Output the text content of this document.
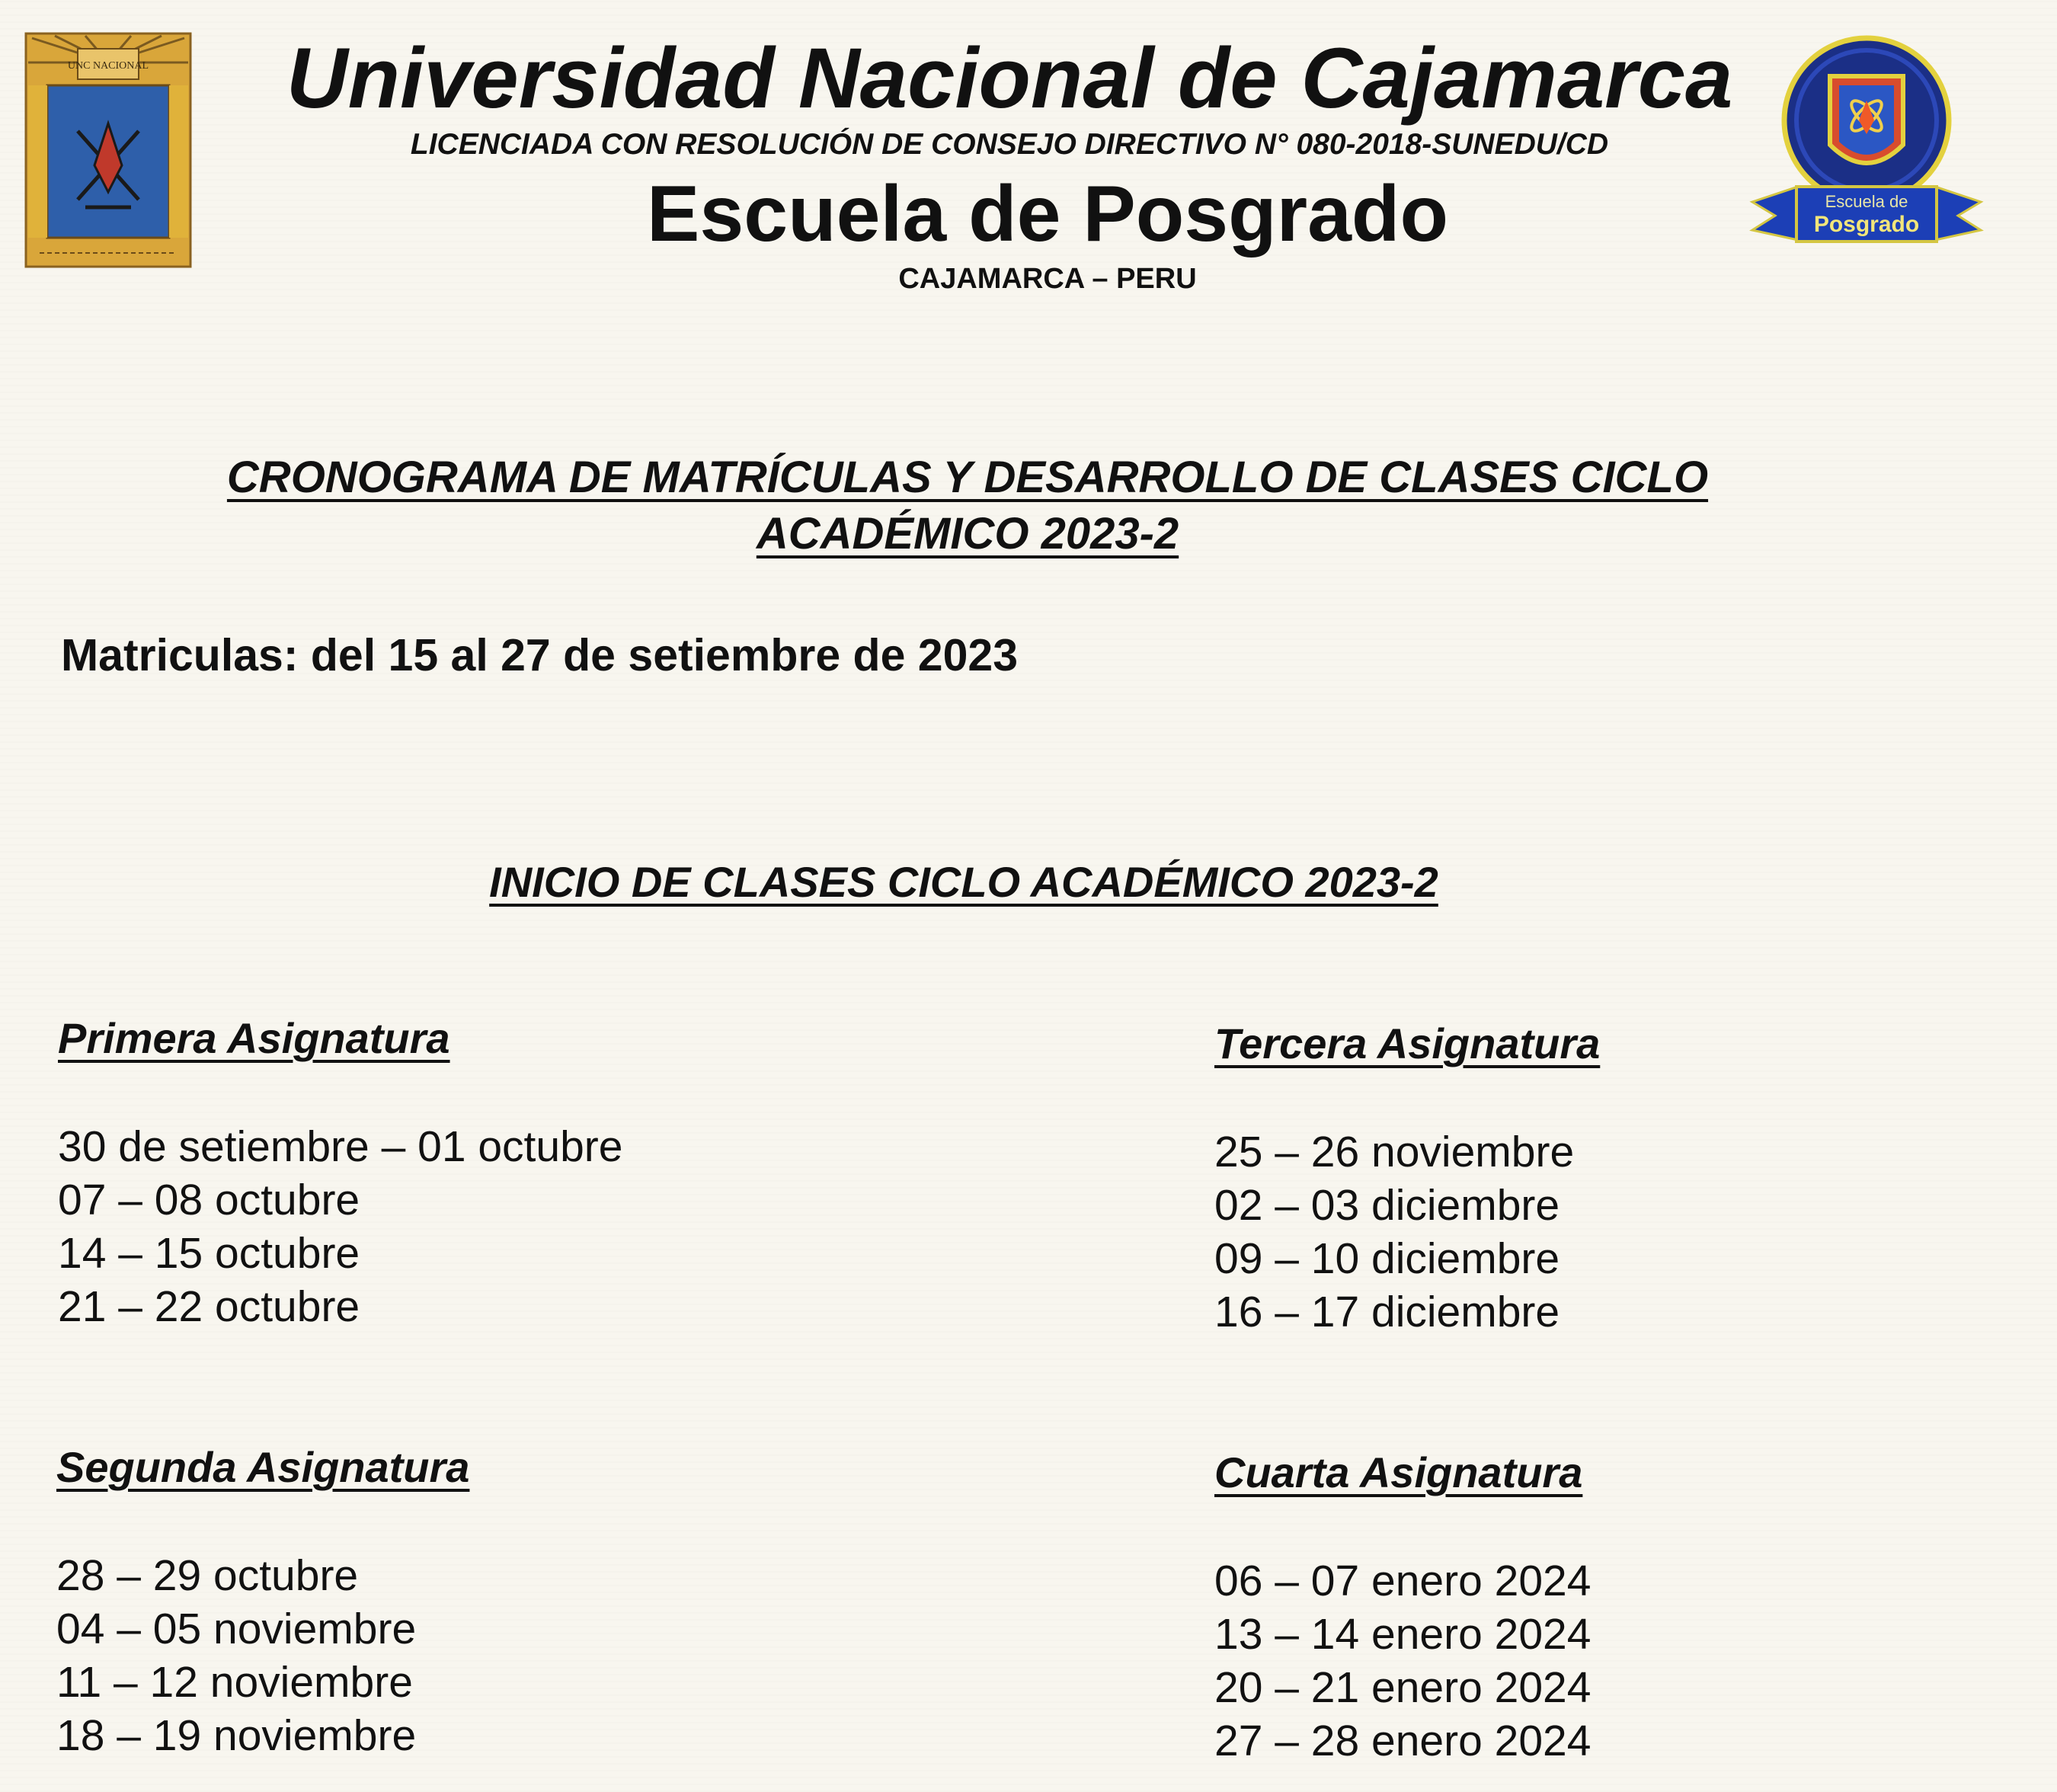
UNC NACIONAL
Escuela de
Posgrado
Universidad Nacional de Cajamarca
LICENCIADA CON RESOLUCIÓN DE CONSEJO DIRECTIVO N° 080-2018-SUNEDU/CD
Escuela de Posgrado
CAJAMARCA – PERU
CRONOGRAMA DE MATRÍCULAS Y DESARROLLO DE CLASES CICLO
ACADÉMICO 2023-2
Matriculas: del 15 al 27 de setiembre de 2023
INICIO DE CLASES CICLO ACADÉMICO 2023-2
Primera Asignatura
30 de setiembre – 01 octubre
07 – 08 octubre
14 – 15 octubre
21 – 22 octubre
Tercera Asignatura
25 – 26 noviembre
02 – 03 diciembre
09 – 10 diciembre
16 – 17 diciembre
Segunda Asignatura
28 – 29 octubre
04 – 05 noviembre
11 – 12 noviembre
18 – 19 noviembre
Cuarta Asignatura
06 – 07 enero 2024
13 – 14 enero 2024
20 – 21 enero 2024
27 – 28 enero 2024
